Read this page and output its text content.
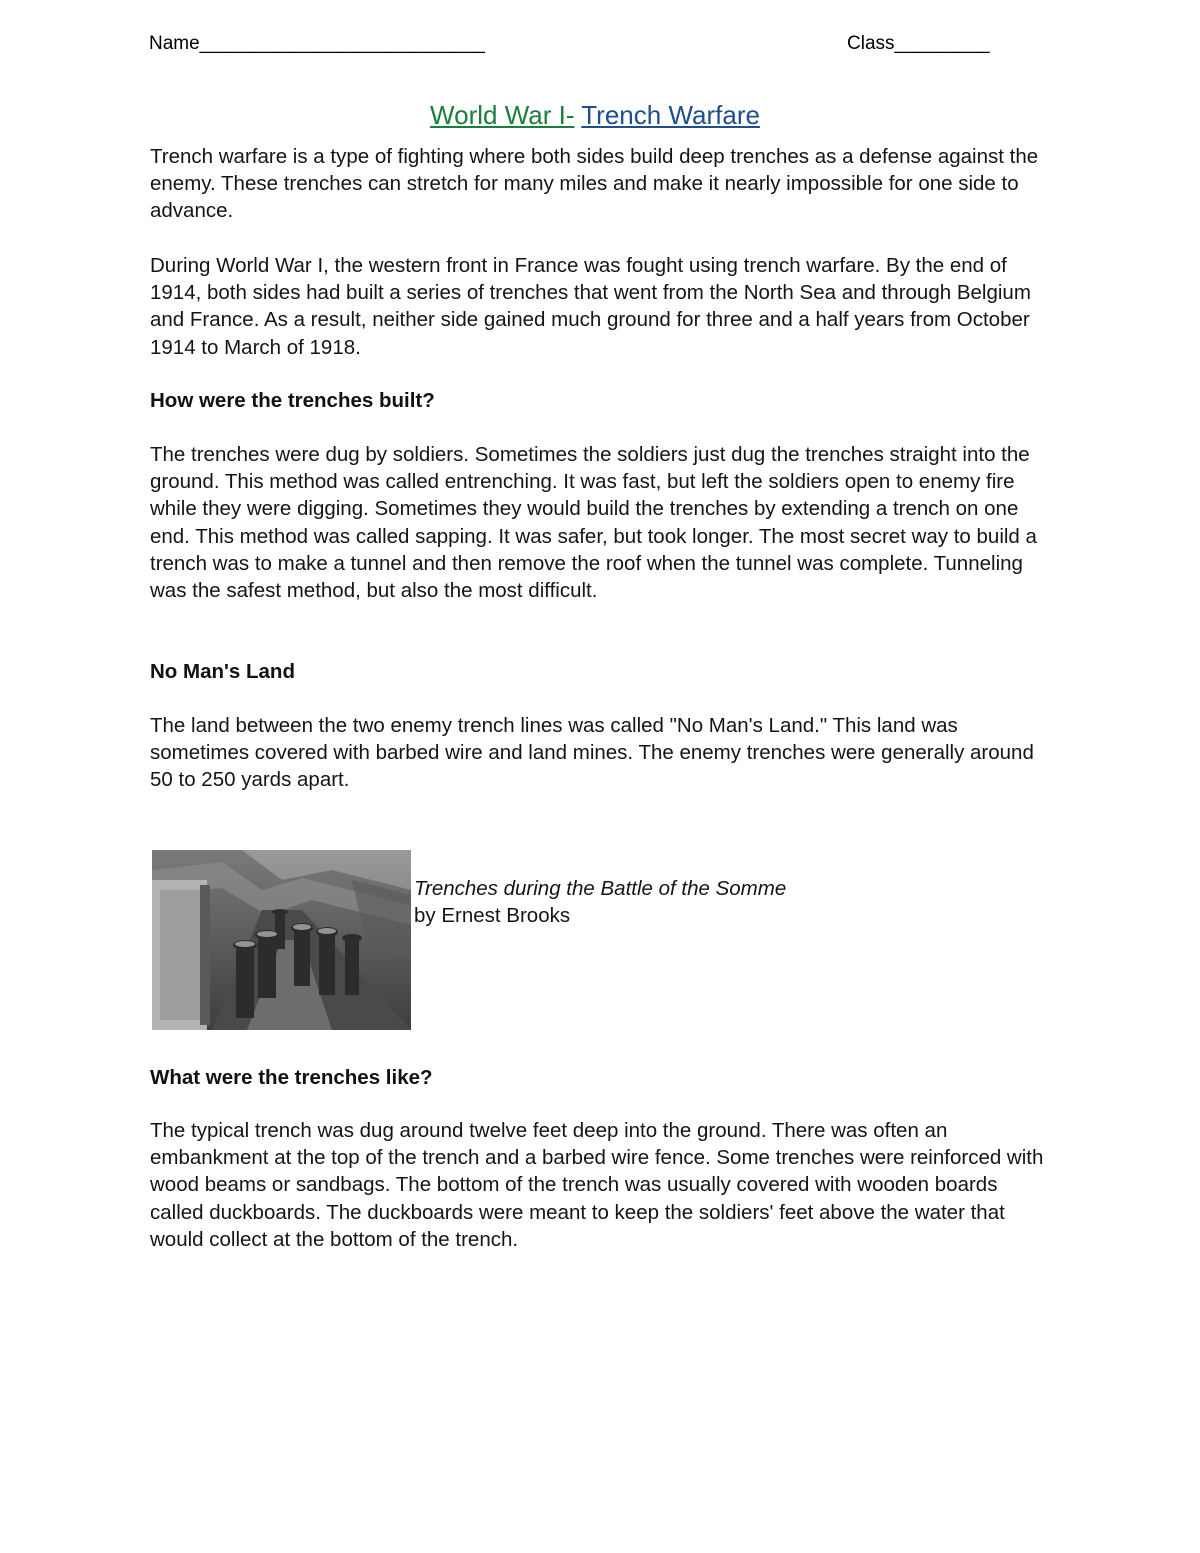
Name___________________________	Class_________
World War I- Trench Warfare

Trench warfare is a type of fighting where both sides build deep trenches as a defense against the enemy. These trenches can stretch for many miles and make it nearly impossible for one side to advance.

During World War I, the western front in France was fought using trench warfare. By the end of 1914, both sides had built a series of trenches that went from the North Sea and through Belgium and France. As a result, neither side gained much ground for three and a half years from October 1914 to March of 1918.

How were the trenches built?

The trenches were dug by soldiers. Sometimes the soldiers just dug the trenches straight into the ground. This method was called entrenching. It was fast, but left the soldiers open to enemy fire while they were digging. Sometimes they would build the trenches by extending a trench on one end. This method was called sapping. It was safer, but took longer. The most secret way to build a trench was to make a tunnel and then remove the roof when the tunnel was complete. Tunneling was the safest method, but also the most difficult.

No Man's Land

The land between the two enemy trench lines was called "No Man's Land." This land was sometimes covered with barbed wire and land mines. The enemy trenches were generally around 50 to 250 yards apart.

Trenches during the Battle of the Somme
by Ernest Brooks

What were the trenches like?

The typical trench was dug around twelve feet deep into the ground. There was often an embankment at the top of the trench and a barbed wire fence. Some trenches were reinforced with wood beams or sandbags. The bottom of the trench was usually covered with wooden boards called duckboards. The duckboards were meant to keep the soldiers' feet above the water that would collect at the bottom of the trench.
